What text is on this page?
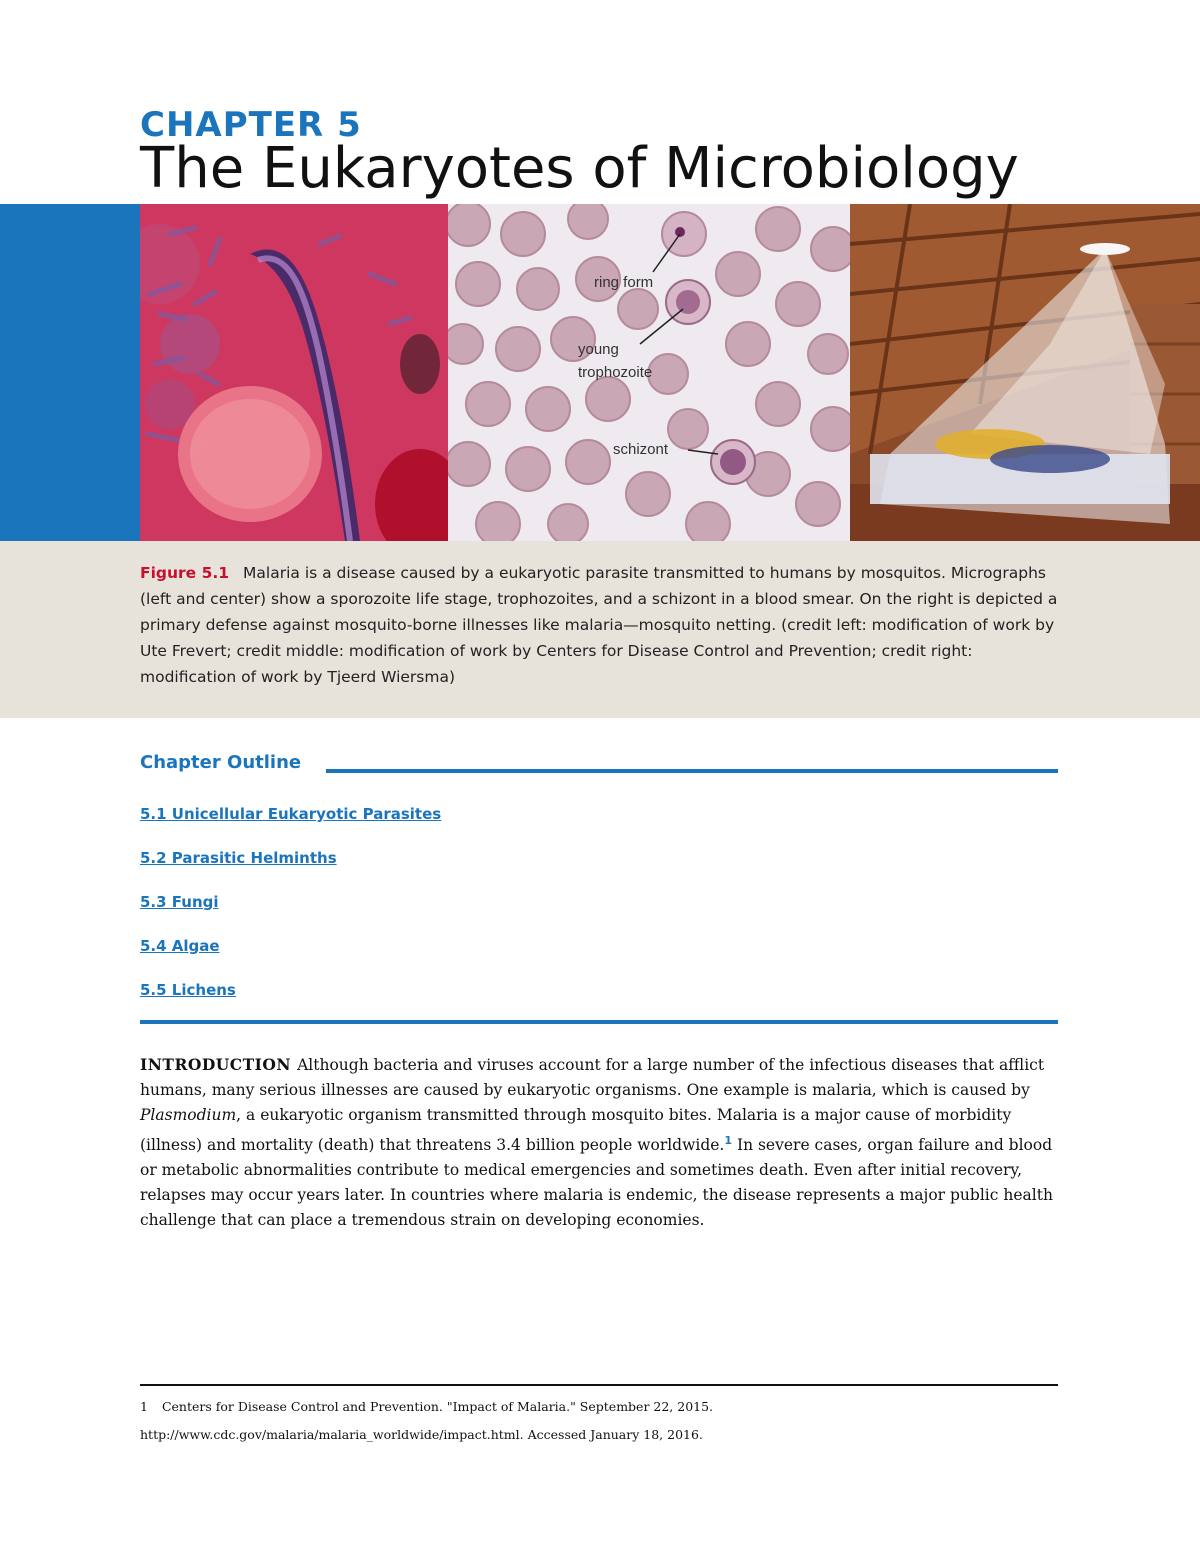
CHAPTER 5
The Eukaryotes of Microbiology
ring form
young
trophozoite
schizont
Figure 5.1 Malaria is a disease caused by a eukaryotic parasite transmitted to humans by mosquitos. Micrographs (left and center) show a sporozoite life stage, trophozoites, and a schizont in a blood smear. On the right is depicted a primary defense against mosquito-borne illnesses like malaria—mosquito netting. (credit left: modification of work by Ute Frevert; credit middle: modification of work by Centers for Disease Control and Prevention; credit right: modification of work by Tjeerd Wiersma)
Chapter Outline
5.1 Unicellular Eukaryotic Parasites
5.2 Parasitic Helminths
5.3 Fungi
5.4 Algae
5.5 Lichens
INTRODUCTION Although bacteria and viruses account for a large number of the infectious diseases that afflict humans, many serious illnesses are caused by eukaryotic organisms. One example is malaria, which is caused by Plasmodium, a eukaryotic organism transmitted through mosquito bites. Malaria is a major cause of morbidity (illness) and mortality (death) that threatens 3.4 billion people worldwide.$^1$ In severe cases, organ failure and blood or metabolic abnormalities contribute to medical emergencies and sometimes death. Even after initial recovery, relapses may occur years later. In countries where malaria is endemic, the disease represents a major public health challenge that can place a tremendous strain on developing economies.
1 Centers for Disease Control and Prevention. "Impact of Malaria." September 22, 2015. http://www.cdc.gov/malaria/malaria_worldwide/impact.html. Accessed January 18, 2016.
